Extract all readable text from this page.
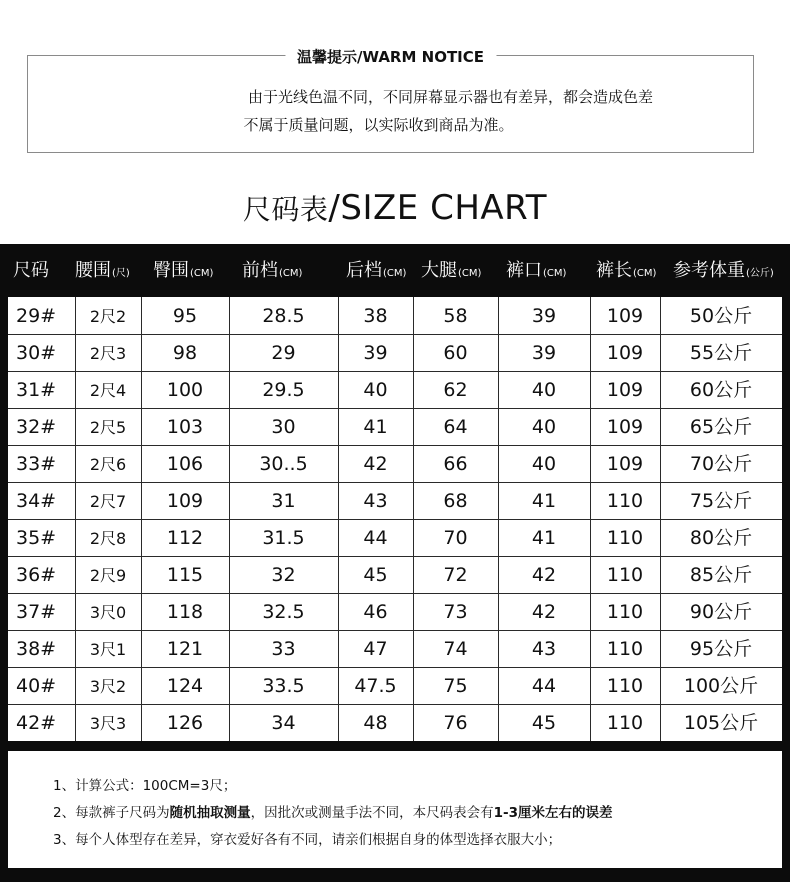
温馨提示/WARM NOTICE
由于光线色温不同，不同屏幕显示器也有差异，都会造成色差
不属于质量问题，以实际收到商品为准。
尺码表/SIZE CHART
尺码 腰围(尺) 臀围(CM) 前档(CM) 后档(CM) 大腿(CM) 裤口(CM) 裤长(CM) 参考体重(公斤)
29#	2尺2	95	28.5	38	58	39	109	50公斤
30#	2尺3	98	29	39	60	39	109	55公斤
31#	2尺4	100	29.5	40	62	40	109	60公斤
32#	2尺5	103	30	41	64	40	109	65公斤
33#	2尺6	106	30..5	42	66	40	109	70公斤
34#	2尺7	109	31	43	68	41	110	75公斤
35#	2尺8	112	31.5	44	70	41	110	80公斤
36#	2尺9	115	32	45	72	42	110	85公斤
37#	3尺0	118	32.5	46	73	42	110	90公斤
38#	3尺1	121	33	47	74	43	110	95公斤
40#	3尺2	124	33.5	47.5	75	44	110	100公斤
42#	3尺3	126	34	48	76	45	110	105公斤
1、计算公式：100CM=3尺；
2、每款裤子尺码为随机抽取测量，因批次或测量手法不同，本尺码表会有1-3厘米左右的误差
3、每个人体型存在差异，穿衣爱好各有不同，请亲们根据自身的体型选择衣服大小；
